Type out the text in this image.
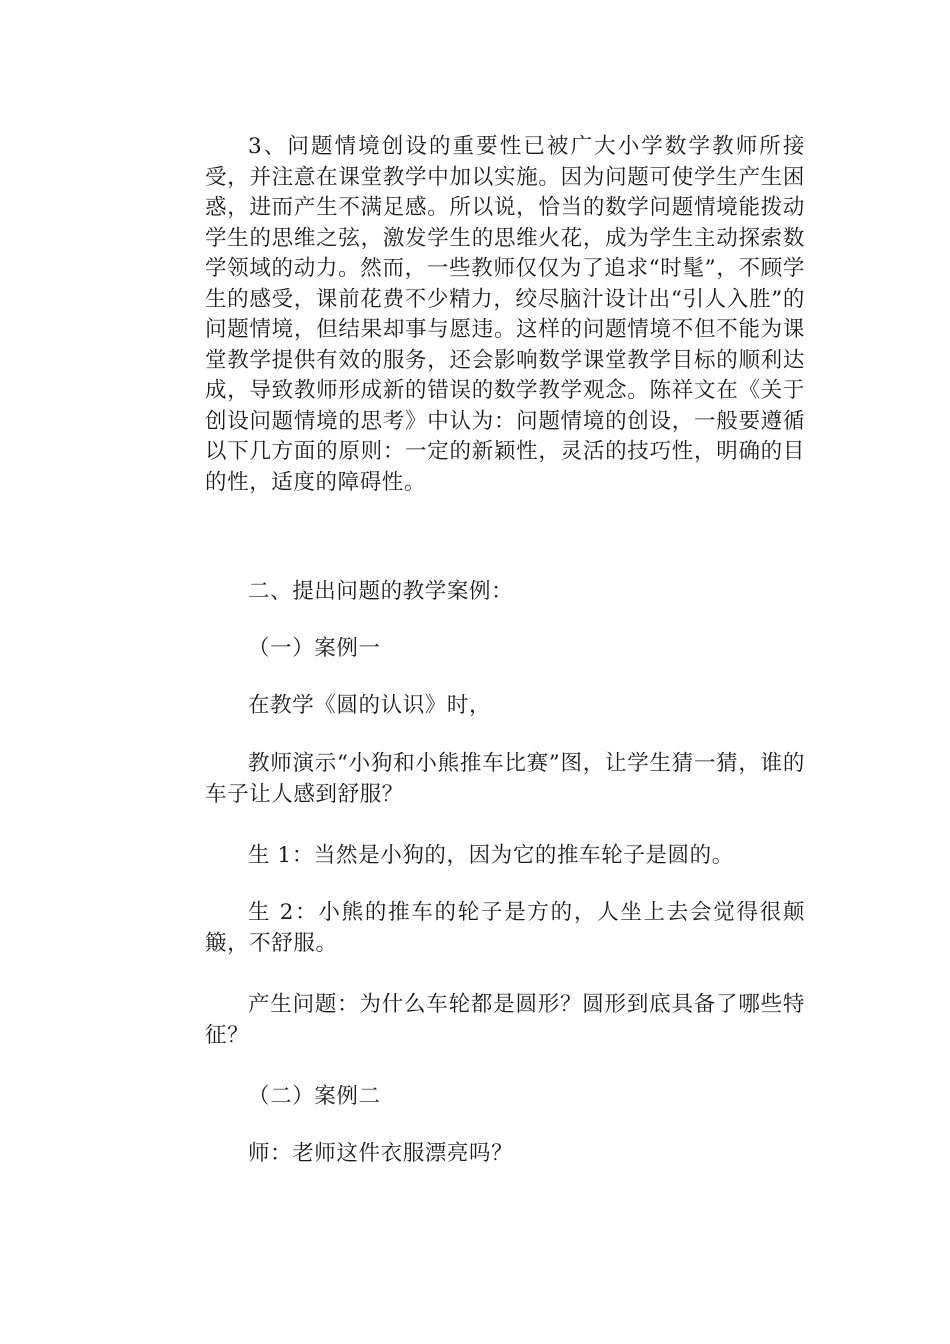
3、问题情境创设的重要性已被广大小学数学教师所接受，并注意在课堂教学中加以实施。因为问题可使学生产生困惑，进而产生不满足感。所以说，恰当的数学问题情境能拨动学生的思维之弦，激发学生的思维火花，成为学生主动探索数学领域的动力。然而，一些教师仅仅为了追求“时髦”，不顾学生的感受，课前花费不少精力，绞尽脑汁设计出“引人入胜”的问题情境，但结果却事与愿违。这样的问题情境不但不能为课堂教学提供有效的服务，还会影响数学课堂教学目标的顺利达成，导致教师形成新的错误的数学教学观念。陈祥文在《关于创设问题情境的思考》中认为：问题情境的创设，一般要遵循以下几方面的原则：一定的新颖性，灵活的技巧性，明确的目的性，适度的障碍性。

二、提出问题的教学案例：

（一）案例一

在教学《圆的认识》时，

教师演示“小狗和小熊推车比赛”图，让学生猜一猜，谁的车子让人感到舒服？

生 1：当然是小狗的，因为它的推车轮子是圆的。

生 2：小熊的推车的轮子是方的，人坐上去会觉得很颠簸，不舒服。

产生问题：为什么车轮都是圆形？圆形到底具备了哪些特征？

（二）案例二

师：老师这件衣服漂亮吗？
